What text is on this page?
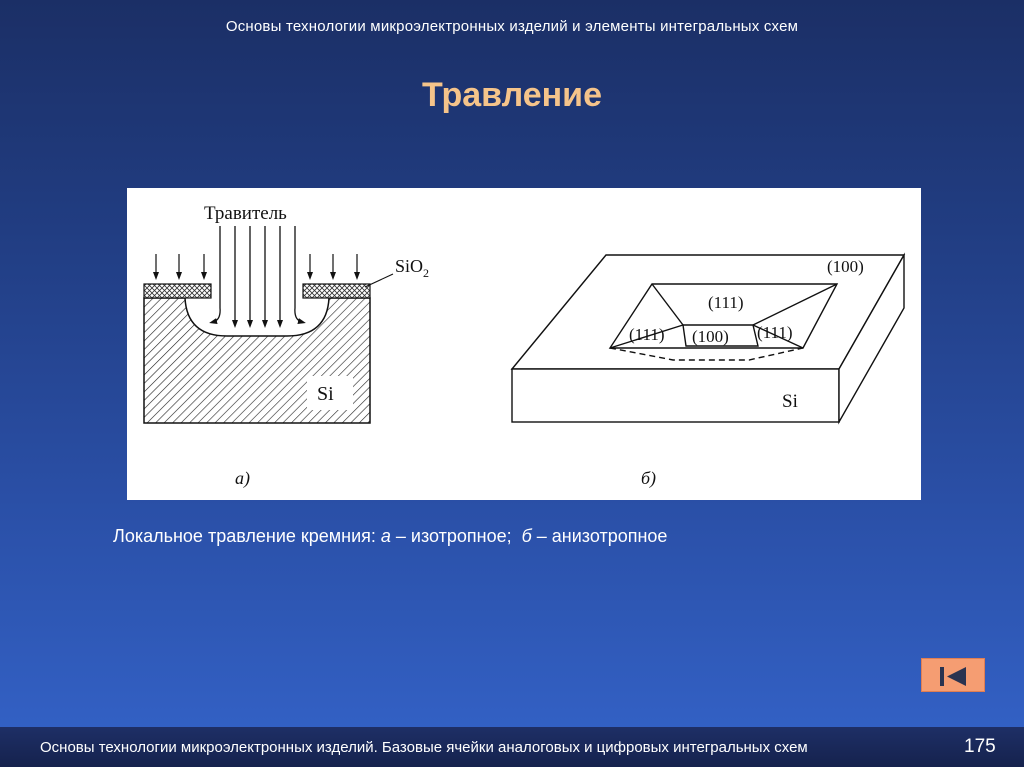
Основы технологии микроэлектронных изделий и элементы интегральных схем
Травление
Травитель
SiO$_2$
Si
а)
(100)
(111)
(111) (100) (111)
Si
б)
Локальное травление кремния: а – изотропное;  б – анизотропное
Основы технологии микроэлектронных изделий. Базовые ячейки аналоговых и цифровых интегральных схем	175
